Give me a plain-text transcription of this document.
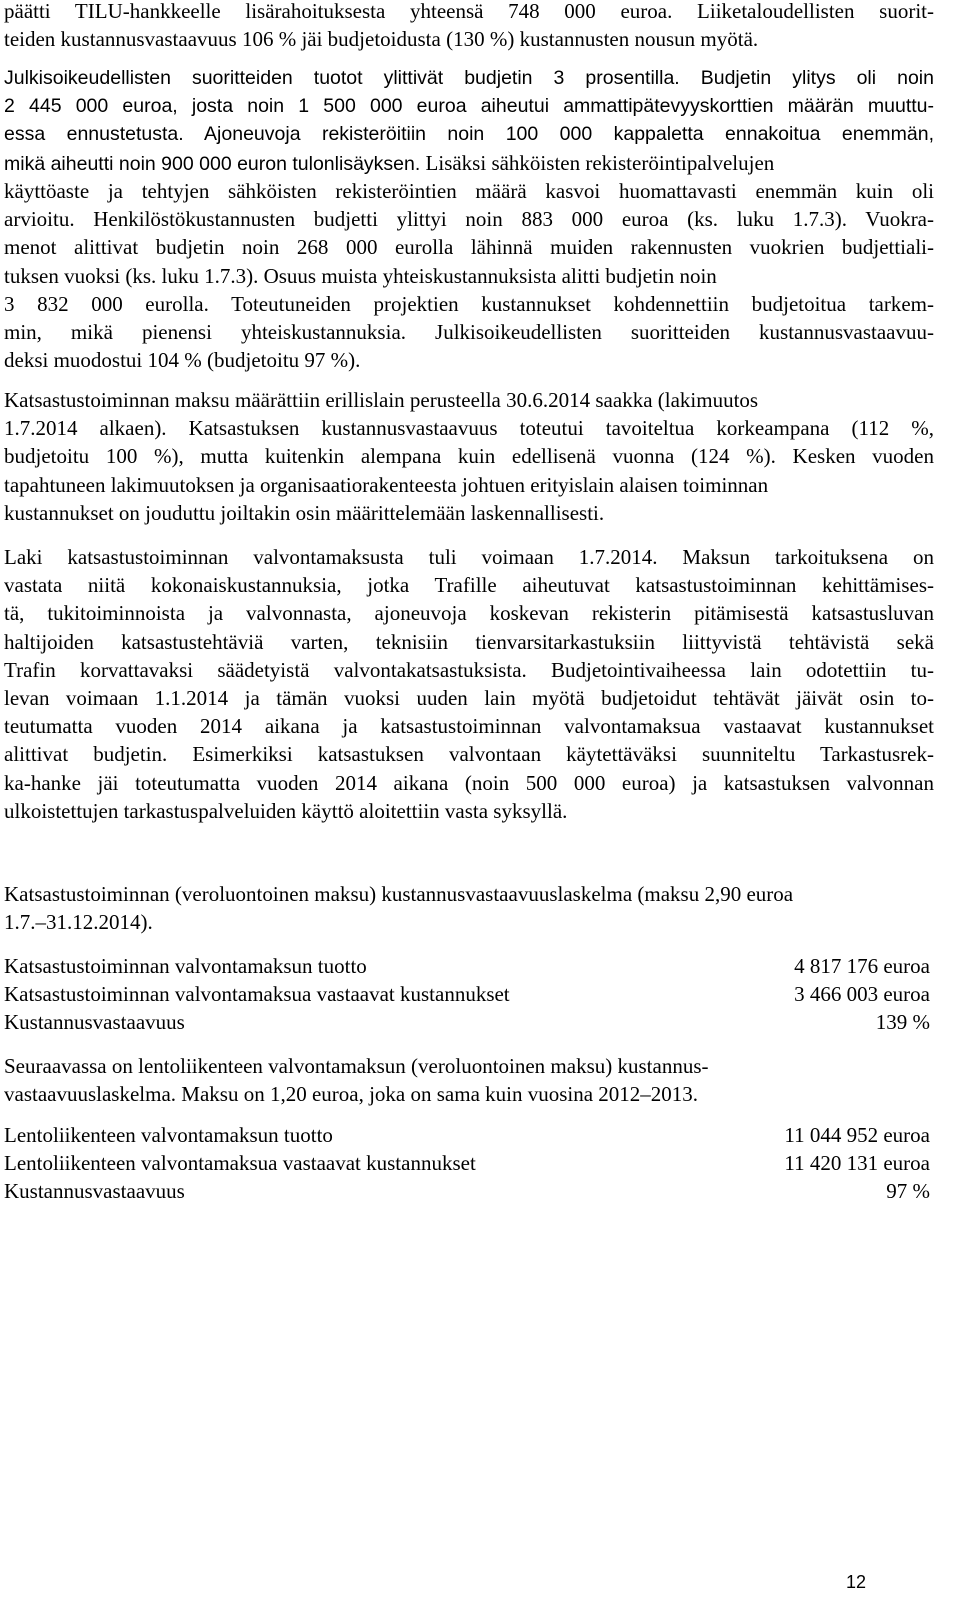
päätti TILU-hankkeelle lisärahoituksesta yhteensä 748 000 euroa. Liiketaloudellisten suorit-
teiden kustannusvastaavuus 106 % jäi budjetoidusta (130 %) kustannusten nousun myötä.
Julkisoikeudellisten suoritteiden tuotot ylittivät budjetin 3 prosentilla. Budjetin ylitys oli noin
2 445 000 euroa, josta noin 1 500 000 euroa aiheutui ammattipätevyyskorttien määrän muuttu-
essa ennustetusta. Ajoneuvoja rekisteröitiin noin 100 000 kappaletta ennakoitua enemmän,
mikä aiheutti noin 900 000 euron tulonlisäyksen. Lisäksi sähköisten rekisteröintipalvelujen
käyttöaste ja tehtyjen sähköisten rekisteröintien määrä kasvoi huomattavasti enemmän kuin oli
arvioitu. Henkilöstökustannusten budjetti ylittyi noin 883 000 euroa (ks. luku 1.7.3). Vuokra-
menot alittivat budjetin noin 268 000 eurolla lähinnä muiden rakennusten vuokrien budjettiali-
tuksen vuoksi (ks. luku 1.7.3). Osuus muista yhteiskustannuksista alitti budjetin noin
3 832 000 eurolla. Toteutuneiden projektien kustannukset kohdennettiin budjetoitua tarkem-
min, mikä pienensi yhteiskustannuksia. Julkisoikeudellisten suoritteiden kustannusvastaavuu-
deksi muodostui 104 % (budjetoitu 97 %).
Katsastustoiminnan maksu määrättiin erillislain perusteella 30.6.2014 saakka (lakimuutos
1.7.2014 alkaen). Katsastuksen kustannusvastaavuus toteutui tavoiteltua korkeampana (112 %,
budjetoitu 100 %), mutta kuitenkin alempana kuin edellisenä vuonna (124 %). Kesken vuoden
tapahtuneen lakimuutoksen ja organisaatiorakenteesta johtuen erityislain alaisen toiminnan
kustannukset on jouduttu joiltakin osin määrittelemään laskennallisesti.
Laki katsastustoiminnan valvontamaksusta tuli voimaan 1.7.2014. Maksun tarkoituksena on
vastata niitä kokonaiskustannuksia, jotka Trafille aiheutuvat katsastustoiminnan kehittämises-
tä, tukitoiminnoista ja valvonnasta, ajoneuvoja koskevan rekisterin pitämisestä katsastusluvan
haltijoiden katsastustehtäviä varten, teknisiin tienvarsitarkastuksiin liittyvistä tehtävistä sekä
Trafin korvattavaksi säädetyistä valvontakatsastuksista. Budjetointivaiheessa lain odotettiin tu-
levan voimaan 1.1.2014 ja tämän vuoksi uuden lain myötä budjetoidut tehtävät jäivät osin to-
teutumatta vuoden 2014 aikana ja katsastustoiminnan valvontamaksua vastaavat kustannukset
alittivat budjetin. Esimerkiksi katsastuksen valvontaan käytettäväksi suunniteltu Tarkastusrek-
ka-hanke jäi toteutumatta vuoden 2014 aikana (noin 500 000 euroa) ja katsastuksen valvonnan
ulkoistettujen tarkastuspalveluiden käyttö aloitettiin vasta syksyllä.
Katsastustoiminnan (veroluontoinen maksu) kustannusvastaavuuslaskelma (maksu 2,90 euroa
1.7.–31.12.2014).
Katsastustoiminnan valvontamaksun tuotto	4 817 176 euroa
Katsastustoiminnan valvontamaksua vastaavat kustannukset	3 466 003 euroa
Kustannusvastaavuus	139 %
Seuraavassa on lentoliikenteen valvontamaksun (veroluontoinen maksu) kustannus-
vastaavuuslaskelma. Maksu on 1,20 euroa, joka on sama kuin vuosina 2012–2013.
Lentoliikenteen valvontamaksun tuotto	11 044 952 euroa
Lentoliikenteen valvontamaksua vastaavat kustannukset	11 420 131 euroa
Kustannusvastaavuus	97 %
12
